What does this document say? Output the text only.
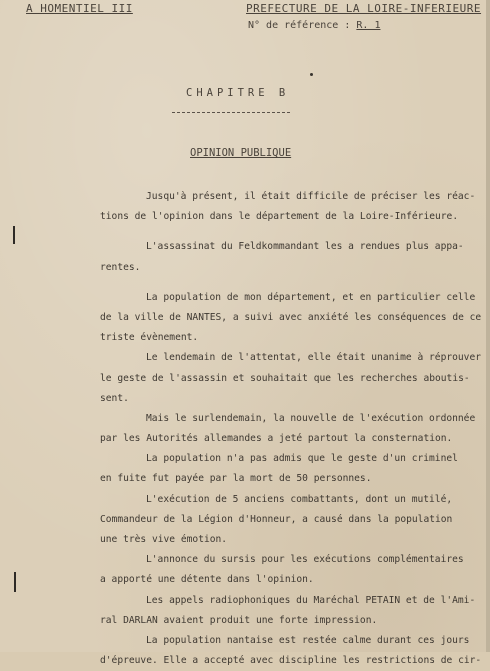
A HOMENTIEL III	PREFECTURE DE LA LOIRE-INFERIEURE
N° de référence : R. 1
CHAPITRE B
OPINION PUBLIQUE
Jusqu'à présent, il était difficile de préciser les réac-
tions de l'opinion dans le département de la Loire-Inférieure.
L'assassinat du Feldkommandant les a rendues plus appa-
rentes.
La population de mon département, et en particulier celle
de la ville de NANTES, a suivi avec anxiété les conséquences de ce
triste évènement.
Le lendemain de l'attentat, elle était unanime à réprouver
le geste de l'assassin et souhaitait que les recherches aboutis-
sent.
Mais le surlendemain, la nouvelle de l'exécution ordonnée
par les Autorités allemandes a jeté partout la consternation.
La population n'a pas admis que le geste d'un criminel
en fuite fut payée par la mort de 50 personnes.
L'exécution de 5 anciens combattants, dont un mutilé,
Commandeur de la Légion d'Honneur, a causé dans la population
une très vive émotion.
L'annonce du sursis pour les exécutions complémentaires
a apporté une détente dans l'opinion.
Les appels radiophoniques du Maréchal PETAIN et de l'Ami-
ral DARLAN avaient produit une forte impression.
La population nantaise est restée calme durant ces jours
d'épreuve. Elle a accepté avec discipline les restrictions de cir-
